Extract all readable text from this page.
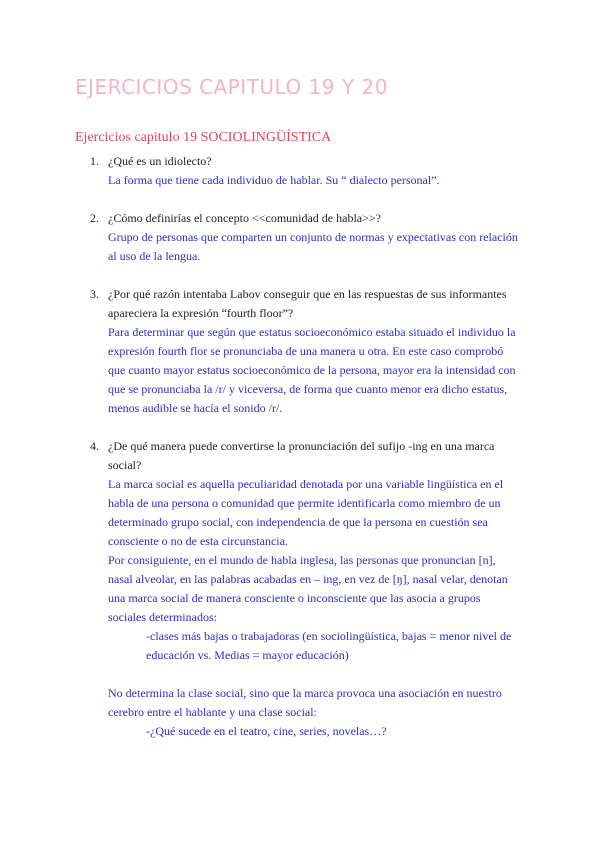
EJERCICIOS CAPITULO 19 Y 20
Ejercicios capitulo 19 SOCIOLINGÜÍSTICA
1. ¿Qué es un idiolecto?
La forma que tiene cada individuo de hablar. Su “ dialecto personal”.
2. ¿Cómo definirías el concepto <<comunidad de habla>>?
Grupo de personas que comparten un conjunto de normas y expectativas con relación
al uso de la lengua.
3. ¿Por qué razón intentaba Labov conseguir que en las respuestas de sus informantes
apareciera la expresión “fourth floor”?
Para determinar que según que estatus socioeconómico estaba situado el individuo la
expresión fourth flor se pronunciaba de una manera u otra. En este caso comprobó
que cuanto mayor estatus socioeconómico de la persona, mayor era la intensidad con
que se pronunciaba la /r/ y viceversa, de forma que cuanto menor era dicho estatus,
menos audible se hacía el sonido /r/.
4. ¿De qué manera puede convertirse la pronunciación del sufijo -ing en una marca
social?
La marca social es aquella peculiaridad denotada por una variable lingüística en el
habla de una persona o comunidad que permite identificarla como miembro de un
determinado grupo social, con independencia de que la persona en cuestión sea
consciente o no de esta circunstancia.
Por consiguiente, en el mundo de habla inglesa, las personas que pronuncian [n],
nasal alveolar, en las palabras acabadas en – ing, en vez de [ŋ], nasal velar, denotan
una marca social de manera consciente o inconsciente que las asocia a grupos
sociales determinados:
-clases más bajas o trabajadoras (en sociolingüística, bajas = menor nivel de
educación vs. Medias = mayor educación)
No determina la clase social, sino que la marca provoca una asociación en nuestro
cerebro entre el hablante y una clase social:
-¿Qué sucede en el teatro, cine, series, novelas…?
